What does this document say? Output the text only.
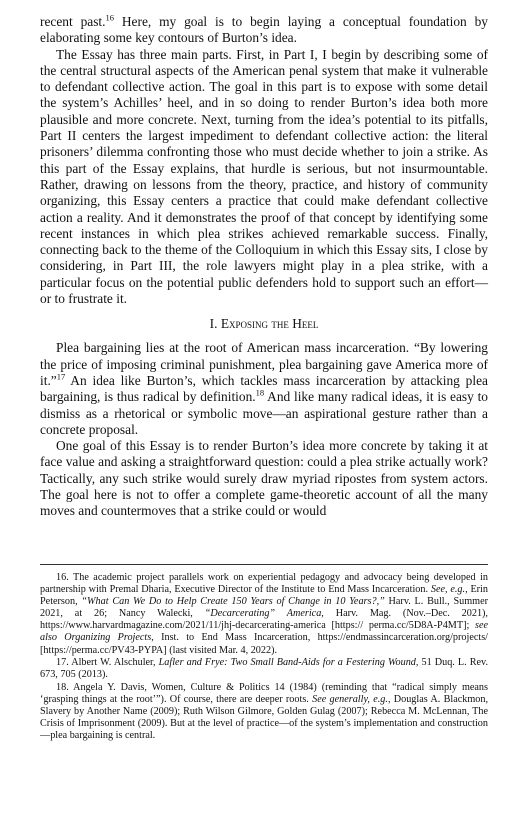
recent past.$^{16}$ Here, my goal is to begin laying a conceptual foundation by elaborating some key contours of Burton’s idea.

The Essay has three main parts. First, in Part I, I begin by describing some of the central structural aspects of the American penal system that make it vulnerable to defendant collective action. The goal in this part is to expose with some detail the system’s Achilles’ heel, and in so doing to render Burton’s idea both more plausible and more concrete. Next, turning from the idea’s potential to its pitfalls, Part II centers the largest impediment to defendant collective action: the literal prisoners’ dilemma confronting those who must decide whether to join a strike. As this part of the Essay explains, that hurdle is serious, but not insurmountable. Rather, drawing on lessons from the theory, practice, and history of community organizing, this Essay centers a practice that could make defendant collective action a reality. And it demonstrates the proof of that concept by identifying some recent instances in which plea strikes achieved remarkable success. Finally, connecting back to the theme of the Colloquium in which this Essay sits, I close by considering, in Part III, the role lawyers might play in a plea strike, with a particular focus on the potential public defenders hold to support such an effort—or to frustrate it.

I. Exposing the Heel

Plea bargaining lies at the root of American mass incarceration. “By lowering the price of imposing criminal punishment, plea bargaining gave America more of it.”$^{17}$ An idea like Burton’s, which tackles mass incarceration by attacking plea bargaining, is thus radical by definition.$^{18}$ And like many radical ideas, it is easy to dismiss as a rhetorical or symbolic move—an aspirational gesture rather than a concrete proposal.

One goal of this Essay is to render Burton’s idea more concrete by taking it at face value and asking a straightforward question: could a plea strike actually work? Tactically, any such strike would surely draw myriad ripostes from system actors. The goal here is not to offer a complete game-theoretic account of all the many moves and countermoves that a strike could or would

16. The academic project parallels work on experiential pedagogy and advocacy being developed in partnership with Premal Dharia, Executive Director of the Institute to End Mass Incarceration. See, e.g., Erin Peterson, “What Can We Do to Help Create 150 Years of Change in 10 Years?,” Harv. L. Bull., Summer 2021, at 26; Nancy Walecki, “Decarcerating” America, Harv. Mag. (Nov.–Dec. 2021), https://www.harvardmagazine.com/2021/11/jhj-decarcerating-america [https:// perma.cc/5D8A-P4MT]; see also Organizing Projects, Inst. to End Mass Incarceration, https://endmassincarceration.org/projects/ [https://perma.cc/PV43-PYPA] (last visited Mar. 4, 2022).

17. Albert W. Alschuler, Lafler and Frye: Two Small Band-Aids for a Festering Wound, 51 Duq. L. Rev. 673, 705 (2013).

18. Angela Y. Davis, Women, Culture & Politics 14 (1984) (reminding that “radical simply means ‘grasping things at the root’”). Of course, there are deeper roots. See generally, e.g., Douglas A. Blackmon, Slavery by Another Name (2009); Ruth Wilson Gilmore, Golden Gulag (2007); Rebecca M. McLennan, The Crisis of Imprisonment (2009). But at the level of practice—of the system’s implementation and construction—plea bargaining is central.
